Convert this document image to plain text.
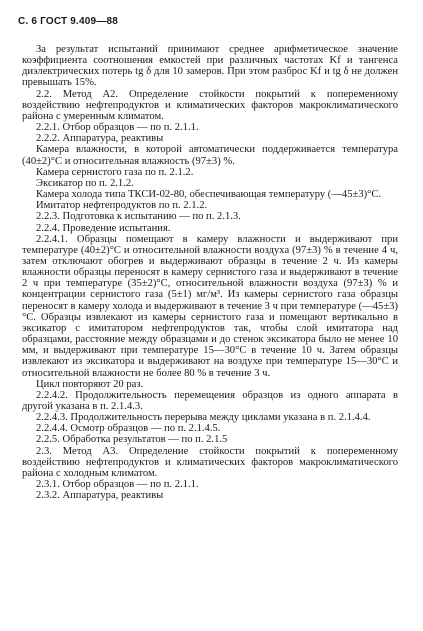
С. 6 ГОСТ 9.409—88

За результат испытаний принимают среднее арифметическое значение коэффициента соотношения емкостей при различных частотах Kf и тангенса диэлектрических потерь tg δ для 10 замеров. При этом разброс Kf и tg δ не должен превышать 15%.

2.2. Метод А2. Определение стойкости покрытий к попеременному воздействию нефтепродуктов и климатических факторов макроклиматического района с умеренным климатом.

2.2.1. Отбор образцов — по п. 2.1.1.

2.2.2. Аппаратура, реактивы

Камера влажности, в которой автоматически поддерживается температура (40±2)°С и относительная влажность (97±3) %.

Камера сернистого газа по п. 2.1.2.

Эксикатор по п. 2.1.2.

Камера холода типа ТКСИ-02-80, обеспечивающая температуру (—45±3)°С.

Имитатор нефтепродуктов по п. 2.1.2.

2.2.3. Подготовка к испытанию — по п. 2.1.3.

2.2.4. Проведение испытания.

2.2.4.1. Образцы помещают в камеру влажности и выдерживают при температуре (40±2)°С и относительной влажности воздуха (97±3) % в течение 4 ч, затем отключают обогрев и выдерживают образцы в течение 2 ч. Из камеры влажности образцы переносят в камеру сернистого газа и выдерживают в течение 2 ч при температуре (35±2)°С, относительной влажности воздуха (97±3) % и концентрации сернистого газа (5±1) мг/м³. Из камеры сернистого газа образцы переносят в камеру холода и выдерживают в течение 3 ч при температуре (—45±3)°С. Образцы извлекают из камеры сернистого газа и помещают вертикально в эксикатор с имитатором нефтепродуктов так, чтобы слой имитатора над образцами, расстояние между образцами и до стенок эксикатора было не менее 10 мм, и выдерживают при температуре 15—30°С в течение 10 ч. Затем образцы извлекают из эксикатора и выдерживают на воздухе при температуре 15—30°С и относительной влажности не более 80 % в течение 3 ч.

Цикл повторяют 20 раз.

2.2.4.2. Продолжительность перемещения образцов из одного аппарата в другой указана в п. 2.1.4.3.

2.2.4.3. Продолжительность перерыва между циклами указана в п. 2.1.4.4.

2.2.4.4. Осмотр образцов — по п. 2.1.4.5.

2.2.5. Обработка результатов — по п. 2.1.5

2.3. Метод А3. Определение стойкости покрытий к попеременному воздействию нефтепродуктов и климатических факторов макроклиматического района с холодным климатом.

2.3.1. Отбор образцов — по п. 2.1.1.

2.3.2. Аппаратура, реактивы
